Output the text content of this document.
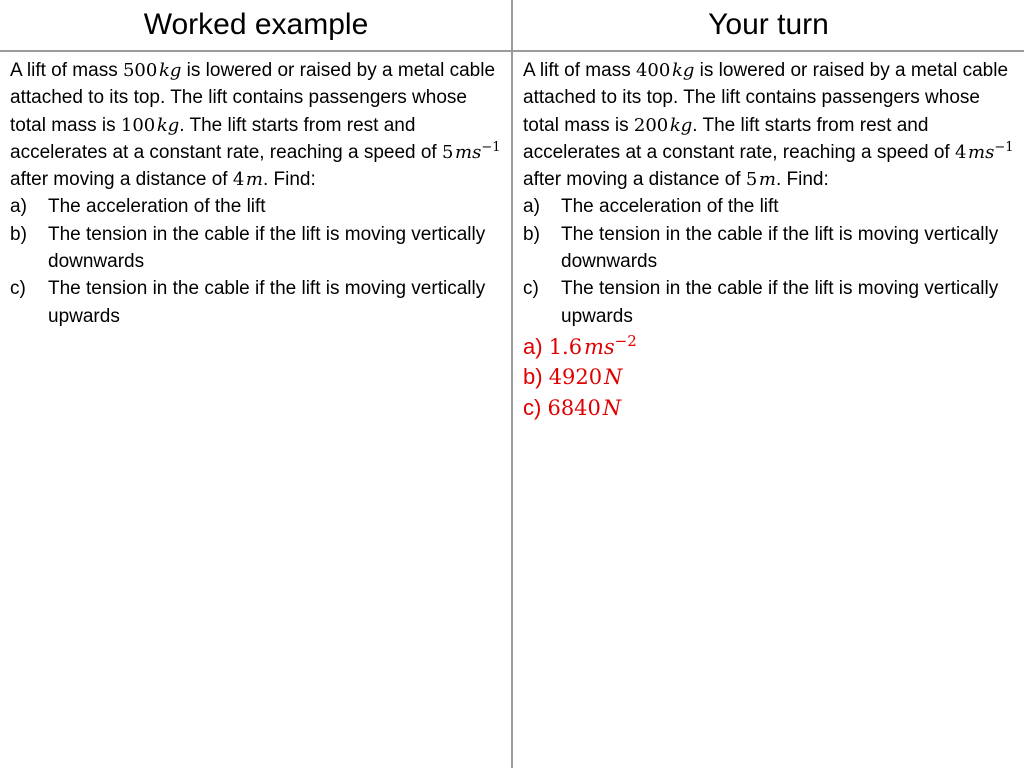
Worked example
A lift of mass 500 kg is lowered or raised by a metal cable attached to its top. The lift contains passengers whose total mass is 100 kg. The lift starts from rest and accelerates at a constant rate, reaching a speed of 5 $ms^{-1}$ after moving a distance of 4 m. Find:
a) The acceleration of the lift
b) The tension in the cable if the lift is moving vertically downwards
c) The tension in the cable if the lift is moving vertically upwards
Your turn
A lift of mass 400 kg is lowered or raised by a metal cable attached to its top. The lift contains passengers whose total mass is 200 kg. The lift starts from rest and accelerates at a constant rate, reaching a speed of 4 $ms^{-1}$ after moving a distance of 5 m. Find:
a) The acceleration of the lift
b) The tension in the cable if the lift is moving vertically downwards
c) The tension in the cable if the lift is moving vertically upwards
a) 1.6 $ms^{-2}$
b) 4920 N
c) 6840 N
